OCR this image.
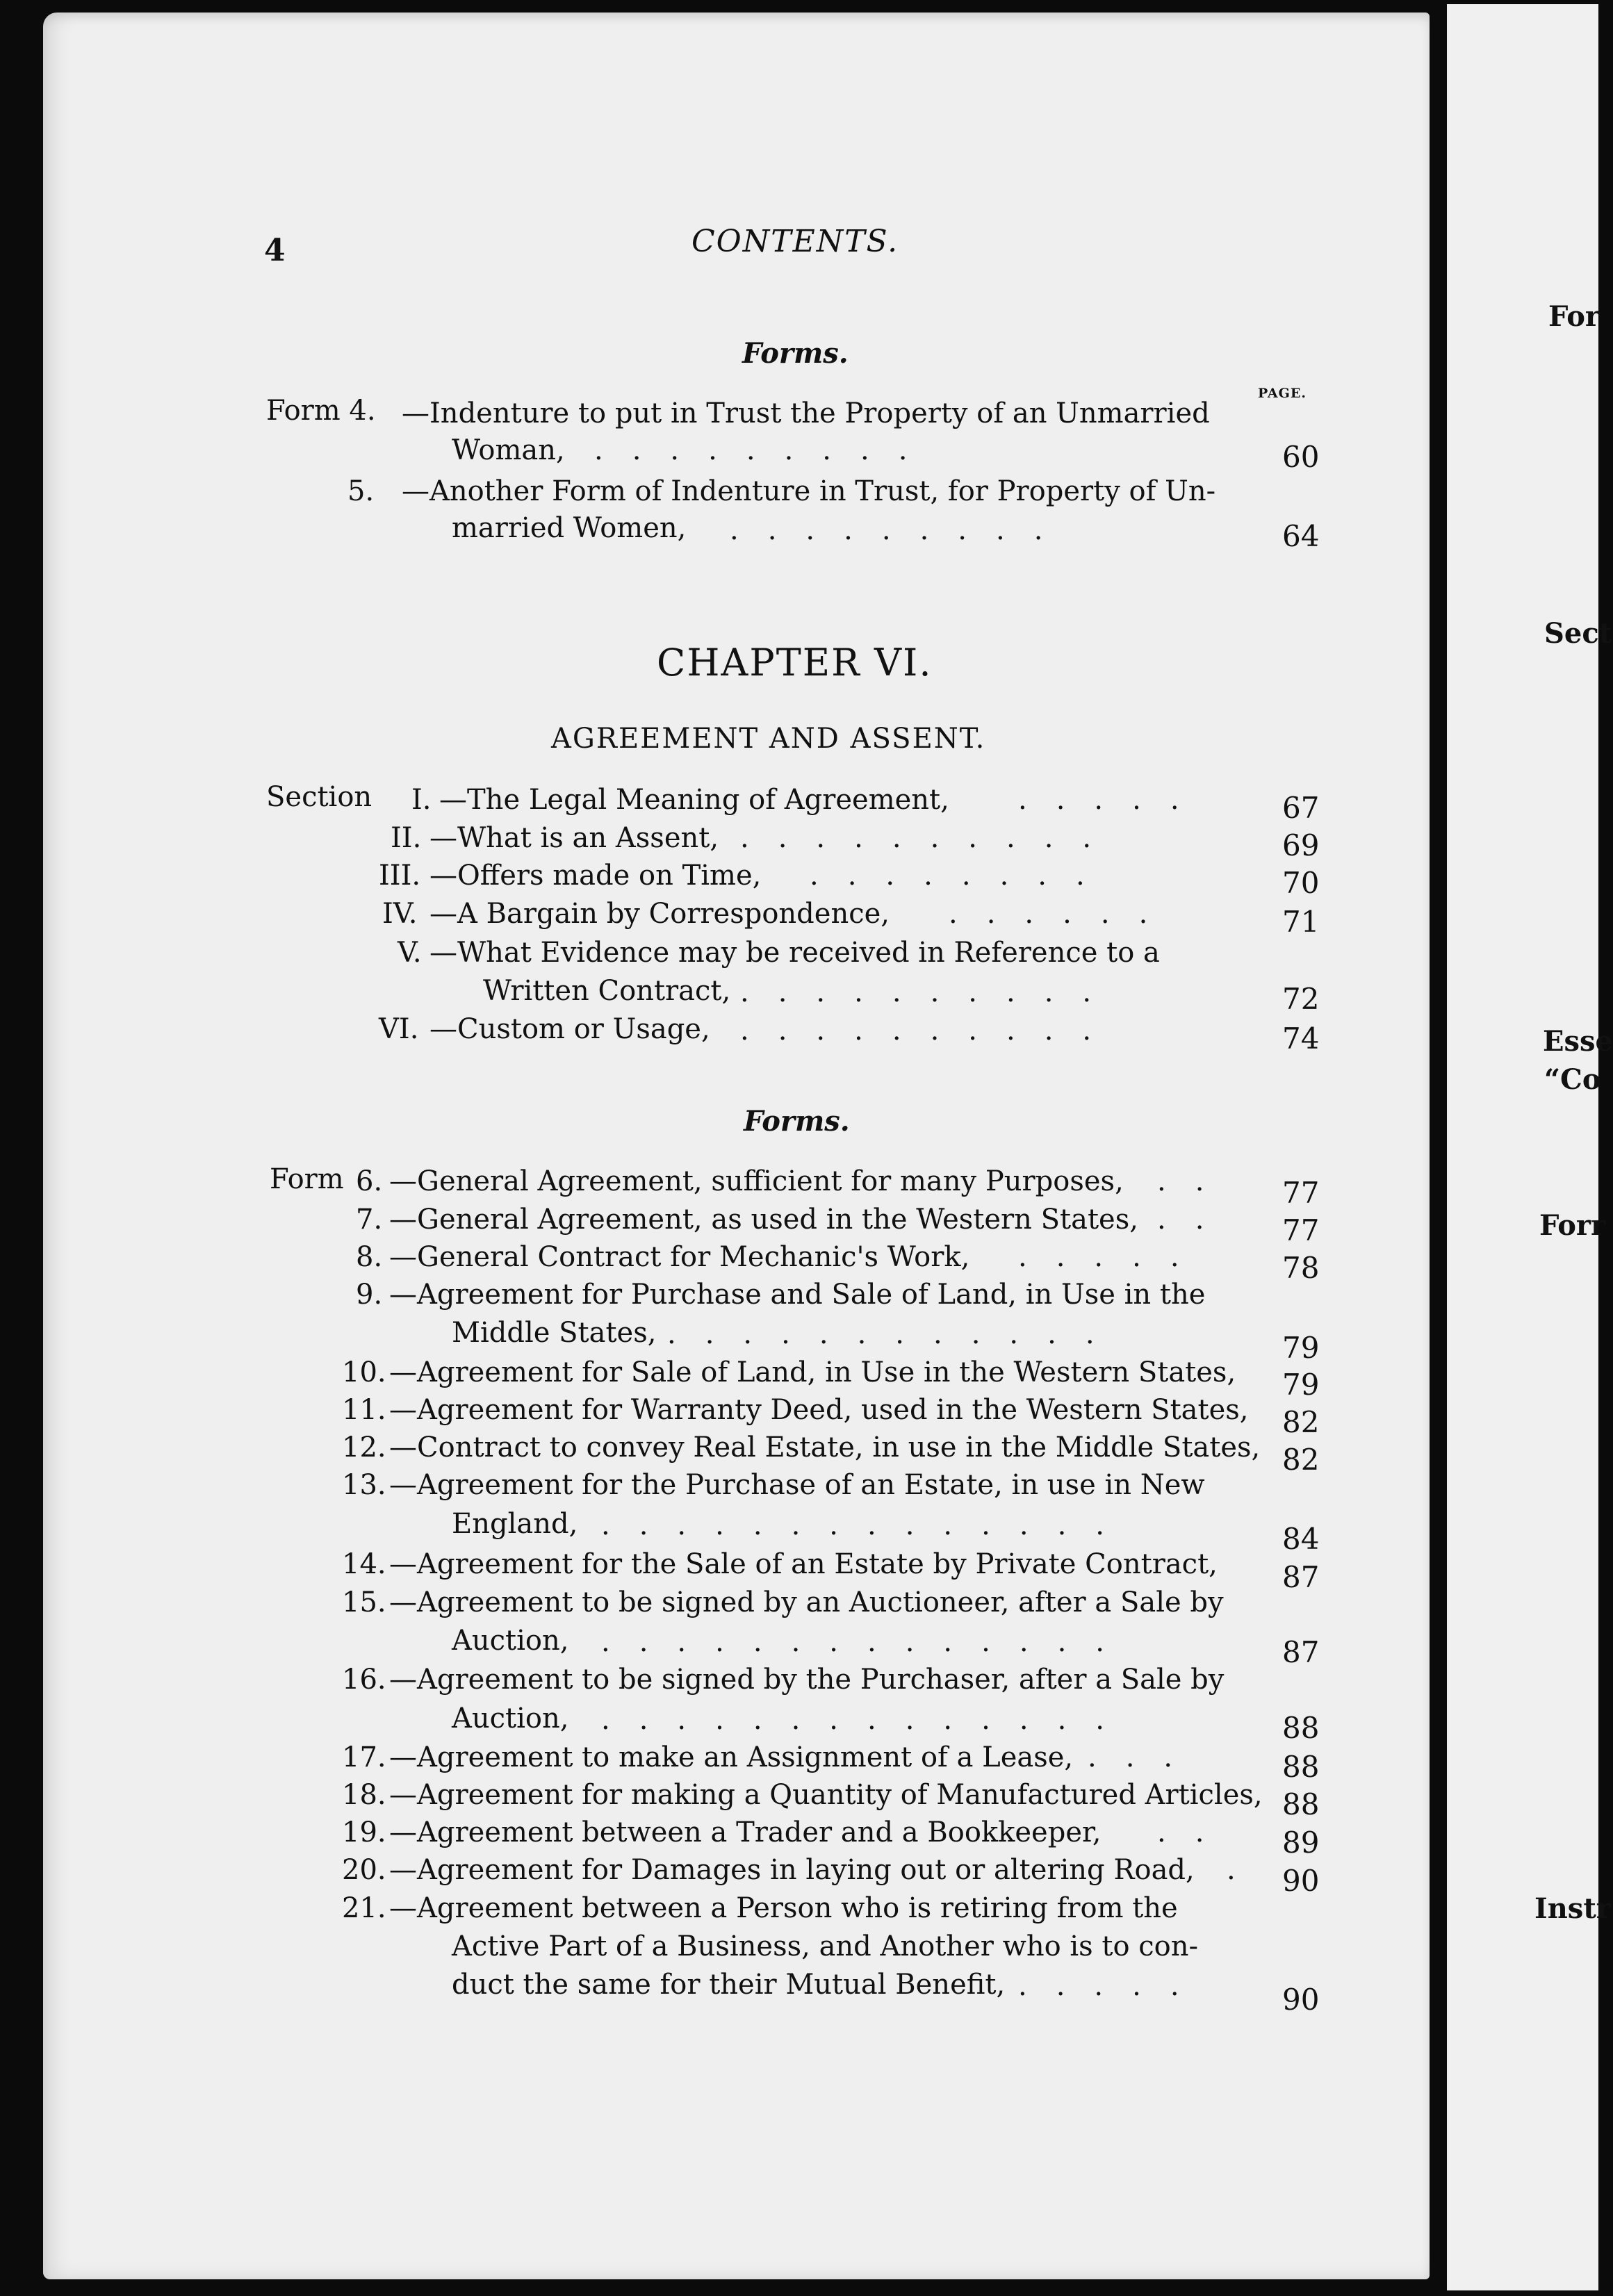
4	CONTENTS.
Forms.
PAGE.
Form 4. —Indenture to put in Trust the Property of an Unmarried
Woman, .........	60
5. —Another Form of Indenture in Trust, for Property of Un-
married Women, .........	64
CHAPTER VI.
AGREEMENT AND ASSENT.
Section I. —The Legal Meaning of Agreement, .....	67
II. —What is an Assent, ..........	69
III. —Offers made on Time, ........	70
IV. —A Bargain by Correspondence, ......	71
V. —What Evidence may be received in Reference to a
Written Contract, ..........	72
VI. —Custom or Usage, ..........	74
Forms.
Form 6. —General Agreement, sufficient for many Purposes, .. 77
7. —General Agreement, as used in the Western States, .. 77
8. —General Contract for Mechanic's Work, .....	78
9. —Agreement for Purchase and Sale of Land, in Use in the
Middle States, ............	79
10. —Agreement for Sale of Land, in Use in the Western States, 79
11. —Agreement for Warranty Deed, used in the Western States, 82
12. —Contract to convey Real Estate, in use in the Middle States, 82
13. —Agreement for the Purchase of an Estate, in use in New
England, ..............	84
14. —Agreement for the Sale of an Estate by Private Contract, 87
15. —Agreement to be signed by an Auctioneer, after a Sale by
Auction, ..............	87
16. —Agreement to be signed by the Purchaser, after a Sale by
Auction, ..............	88
17. —Agreement to make an Assignment of a Lease, ...	88
18. —Agreement for making a Quantity of Manufactured Articles, 88
19. —Agreement between a Trader and a Bookkeeper, .. 89
20. —Agreement for Damages in laying out or altering Road, . 90
21. —Agreement between a Person who is retiring from the
Active Part of a Business, and Another who is to con-
duct the same for their Mutual Benefit, .....	90
For
Sect
Esse
“Co
Forr
Instr
